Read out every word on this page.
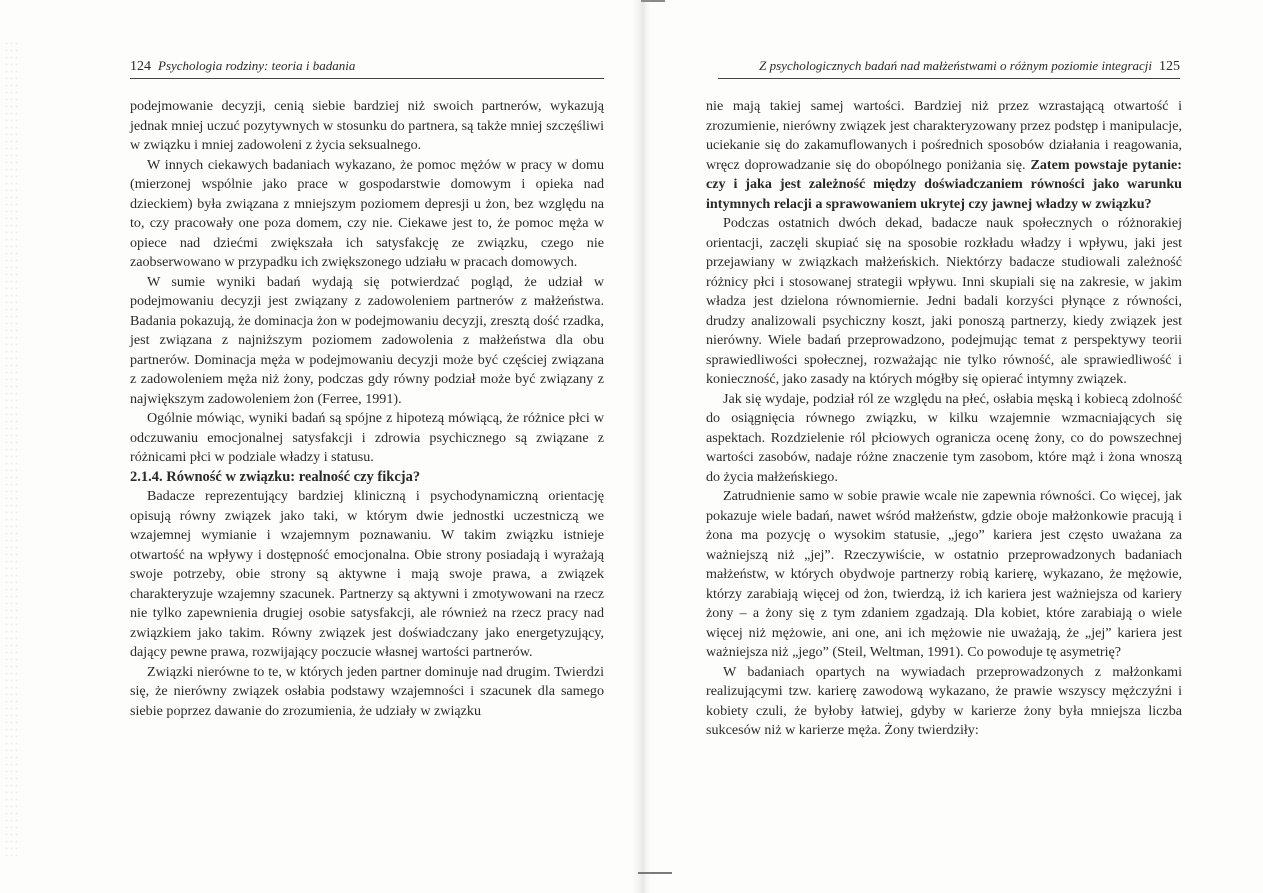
124 Psychologia rodziny: teoria i badania

podejmowanie decyzji, cenią siebie bardziej niż swoich partnerów, wykazują jednak mniej uczuć pozytywnych w stosunku do partnera, są także mniej szczęśliwi w związku i mniej zadowoleni z życia seksualnego.

W innych ciekawych badaniach wykazano, że pomoc mężów w pracy w domu (mierzonej wspólnie jako prace w gospodarstwie domowym i opieka nad dzieckiem) była związana z mniejszym poziomem depresji u żon, bez względu na to, czy pracowały one poza domem, czy nie. Ciekawe jest to, że pomoc męża w opiece nad dziećmi zwiększała ich satysfakcję ze związku, czego nie zaobserwowano w przypadku ich zwiększonego udziału w pracach domowych.

W sumie wyniki badań wydają się potwierdzać pogląd, że udział w podejmowaniu decyzji jest związany z zadowoleniem partnerów z małżeństwa. Badania pokazują, że dominacja żon w podejmowaniu decyzji, zresztą dość rzadka, jest związana z najniższym poziomem zadowolenia z małżeństwa dla obu partnerów. Dominacja męża w podejmowaniu decyzji może być częściej związana z zadowoleniem męża niż żony, podczas gdy równy podział może być związany z największym zadowoleniem żon (Ferree, 1991).

Ogólnie mówiąc, wyniki badań są spójne z hipotezą mówiącą, że różnice płci w odczuwaniu emocjonalnej satysfakcji i zdrowia psychicznego są związane z różnicami płci w podziale władzy i statusu.

2.1.4. Równość w związku: realność czy fikcja?

Badacze reprezentujący bardziej kliniczną i psychodynamiczną orientację opisują równy związek jako taki, w którym dwie jednostki uczestniczą we wzajemnej wymianie i wzajemnym poznawaniu. W takim związku istnieje otwartość na wpływy i dostępność emocjonalna. Obie strony posiadają i wyrażają swoje potrzeby, obie strony są aktywne i mają swoje prawa, a związek charakteryzuje wzajemny szacunek. Partnerzy są aktywni i zmotywowani na rzecz nie tylko zapewnienia drugiej osobie satysfakcji, ale również na rzecz pracy nad związkiem jako takim. Równy związek jest doświadczany jako energetyzujący, dający pewne prawa, rozwijający poczucie własnej wartości partnerów.

Związki nierówne to te, w których jeden partner dominuje nad drugim. Twierdzi się, że nierówny związek osłabia podstawy wzajemności i szacunek dla samego siebie poprzez dawanie do zrozumienia, że udziały w związku

Z psychologicznych badań nad małżeństwami o różnym poziomie integracji 125

nie mają takiej samej wartości. Bardziej niż przez wzrastającą otwartość i zrozumienie, nierówny związek jest charakteryzowany przez podstęp i manipulacje, uciekanie się do zakamuflowanych i pośrednich sposobów działania i reagowania, wręcz doprowadzanie się do obopólnego poniżania się. Zatem powstaje pytanie: czy i jaka jest zależność między doświadczaniem równości jako warunku intymnych relacji a sprawowaniem ukrytej czy jawnej władzy w związku?

Podczas ostatnich dwóch dekad, badacze nauk społecznych o różnorakiej orientacji, zaczęli skupiać się na sposobie rozkładu władzy i wpływu, jaki jest przejawiany w związkach małżeńskich. Niektórzy badacze studiowali zależność różnicy płci i stosowanej strategii wpływu. Inni skupiali się na zakresie, w jakim władza jest dzielona równomiernie. Jedni badali korzyści płynące z równości, drudzy analizowali psychiczny koszt, jaki ponoszą partnerzy, kiedy związek jest nierówny. Wiele badań przeprowadzono, podejmując temat z perspektywy teorii sprawiedliwości społecznej, rozważając nie tylko równość, ale sprawiedliwość i konieczność, jako zasady na których mógłby się opierać intymny związek.

Jak się wydaje, podział ról ze względu na płeć, osłabia męską i kobiecą zdolność do osiągnięcia równego związku, w kilku wzajemnie wzmacniających się aspektach. Rozdzielenie ról płciowych ogranicza ocenę żony, co do powszechnej wartości zasobów, nadaje różne znaczenie tym zasobom, które mąż i żona wnoszą do życia małżeńskiego.

Zatrudnienie samo w sobie prawie wcale nie zapewnia równości. Co więcej, jak pokazuje wiele badań, nawet wśród małżeństw, gdzie oboje małżonkowie pracują i żona ma pozycję o wysokim statusie, „jego” kariera jest często uważana za ważniejszą niż „jej”. Rzeczywiście, w ostatnio przeprowadzonych badaniach małżeństw, w których obydwoje partnerzy robią karierę, wykazano, że mężowie, którzy zarabiają więcej od żon, twierdzą, iż ich kariera jest ważniejsza od kariery żony – a żony się z tym zdaniem zgadzają. Dla kobiet, które zarabiają o wiele więcej niż mężowie, ani one, ani ich mężowie nie uważają, że „jej” kariera jest ważniejsza niż „jego” (Steil, Weltman, 1991). Co powoduje tę asymetrię?

W badaniach opartych na wywiadach przeprowadzonych z małżonkami realizującymi tzw. karierę zawodową wykazano, że prawie wszyscy mężczyźni i kobiety czuli, że byłoby łatwiej, gdyby w karierze żony była mniejsza liczba sukcesów niż w karierze męża. Żony twierdziły:
